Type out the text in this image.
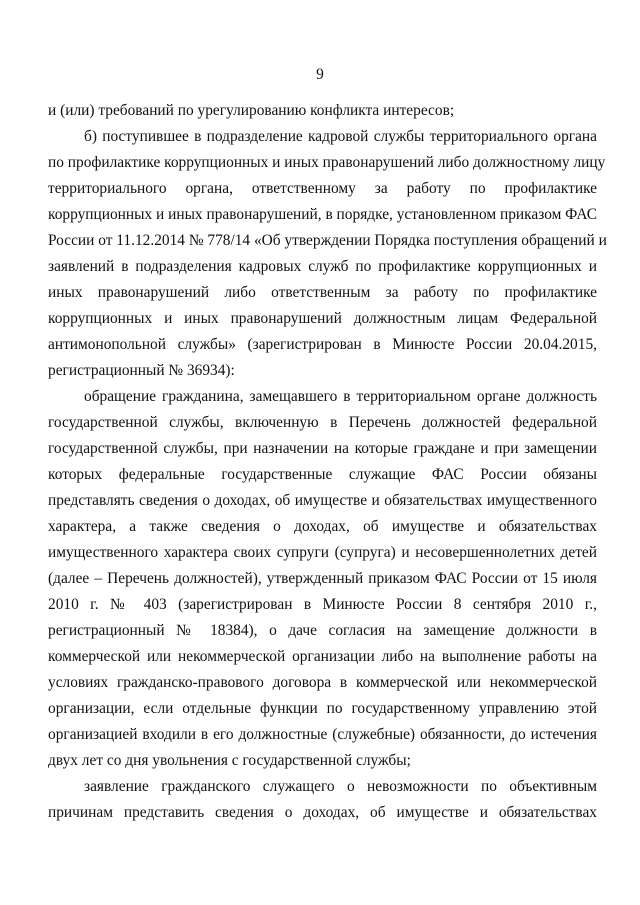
9
и (или) требований по урегулированию конфликта интересов;
б) поступившее в подразделение кадровой службы территориального органа
по профилактике коррупционных и иных правонарушений либо должностному лицу
территориального органа, ответственному за работу по профилактике
коррупционных и иных правонарушений, в порядке, установленном приказом ФАС
России от 11.12.2014 № 778/14 «Об утверждении Порядка поступления обращений и
заявлений в подразделения кадровых служб по профилактике коррупционных и
иных правонарушений либо ответственным за работу по профилактике
коррупционных и иных правонарушений должностным лицам Федеральной
антимонопольной службы» (зарегистрирован в Минюсте России 20.04.2015,
регистрационный № 36934):
обращение гражданина, замещавшего в территориальном органе должность
государственной службы, включенную в Перечень должностей федеральной
государственной службы, при назначении на которые граждане и при замещении
которых федеральные государственные служащие ФАС России обязаны
представлять сведения о доходах, об имуществе и обязательствах имущественного
характера, а также сведения о доходах, об имуществе и обязательствах
имущественного характера своих супруги (супруга) и несовершеннолетних детей
(далее – Перечень должностей), утвержденный приказом ФАС России от 15 июля
2010 г. № 403 (зарегистрирован в Минюсте России 8 сентября 2010 г.,
регистрационный № 18384), о даче согласия на замещение должности в
коммерческой или некоммерческой организации либо на выполнение работы на
условиях гражданско-правового договора в коммерческой или некоммерческой
организации, если отдельные функции по государственному управлению этой
организацией входили в его должностные (служебные) обязанности, до истечения
двух лет со дня увольнения с государственной службы;
заявление гражданского служащего о невозможности по объективным
причинам представить сведения о доходах, об имуществе и обязательствах
